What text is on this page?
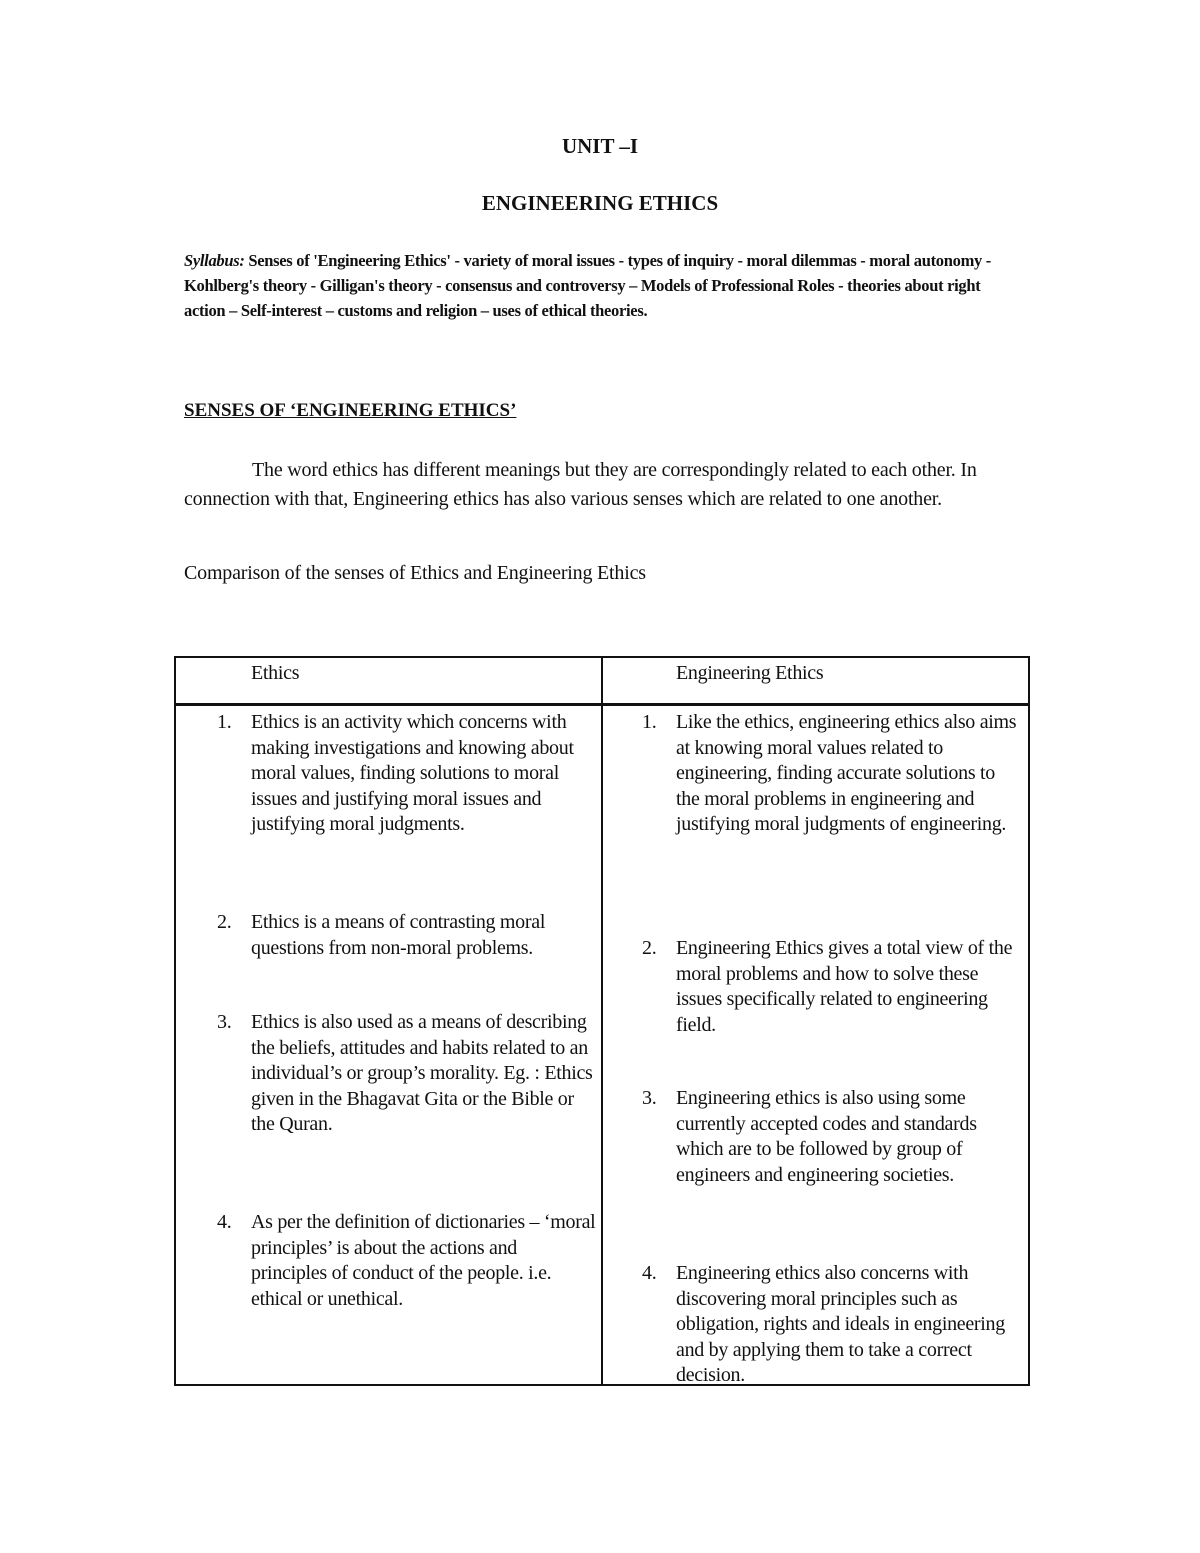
UNIT –I
ENGINEERING ETHICS
Syllabus: Senses of 'Engineering Ethics' - variety of moral issues - types of inquiry - moral dilemmas - moral autonomy - Kohlberg's theory - Gilligan's theory - consensus and controversy – Models of Professional Roles - theories about right action – Self-interest – customs and religion – uses of ethical theories.
SENSES OF ‘ENGINEERING ETHICS’
The word ethics has different meanings but they are correspondingly related to each other. In connection with that, Engineering ethics has also various senses which are related to one another.
Comparison of the senses of Ethics and Engineering Ethics
Ethics	Engineering Ethics
1. Ethics is an activity which concerns with making investigations and knowing about moral values, finding solutions to moral issues and justifying moral issues and justifying moral judgments.
2. Ethics is a means of contrasting moral questions from non-moral problems.
3. Ethics is also used as a means of describing the beliefs, attitudes and habits related to an individual’s or group’s morality. Eg. : Ethics given in the Bhagavat Gita or the Bible or the Quran.
4. As per the definition of dictionaries – ‘moral principles’ is about the actions and principles of conduct of the people. i.e. ethical or unethical.
1. Like the ethics, engineering ethics also aims at knowing moral values related to engineering, finding accurate solutions to the moral problems in engineering and justifying moral judgments of engineering.
2. Engineering Ethics gives a total view of the moral problems and how to solve these issues specifically related to engineering field.
3. Engineering ethics is also using some currently accepted codes and standards which are to be followed by group of engineers and engineering societies.
4. Engineering ethics also concerns with discovering moral principles such as obligation, rights and ideals in engineering and by applying them to take a correct decision.
